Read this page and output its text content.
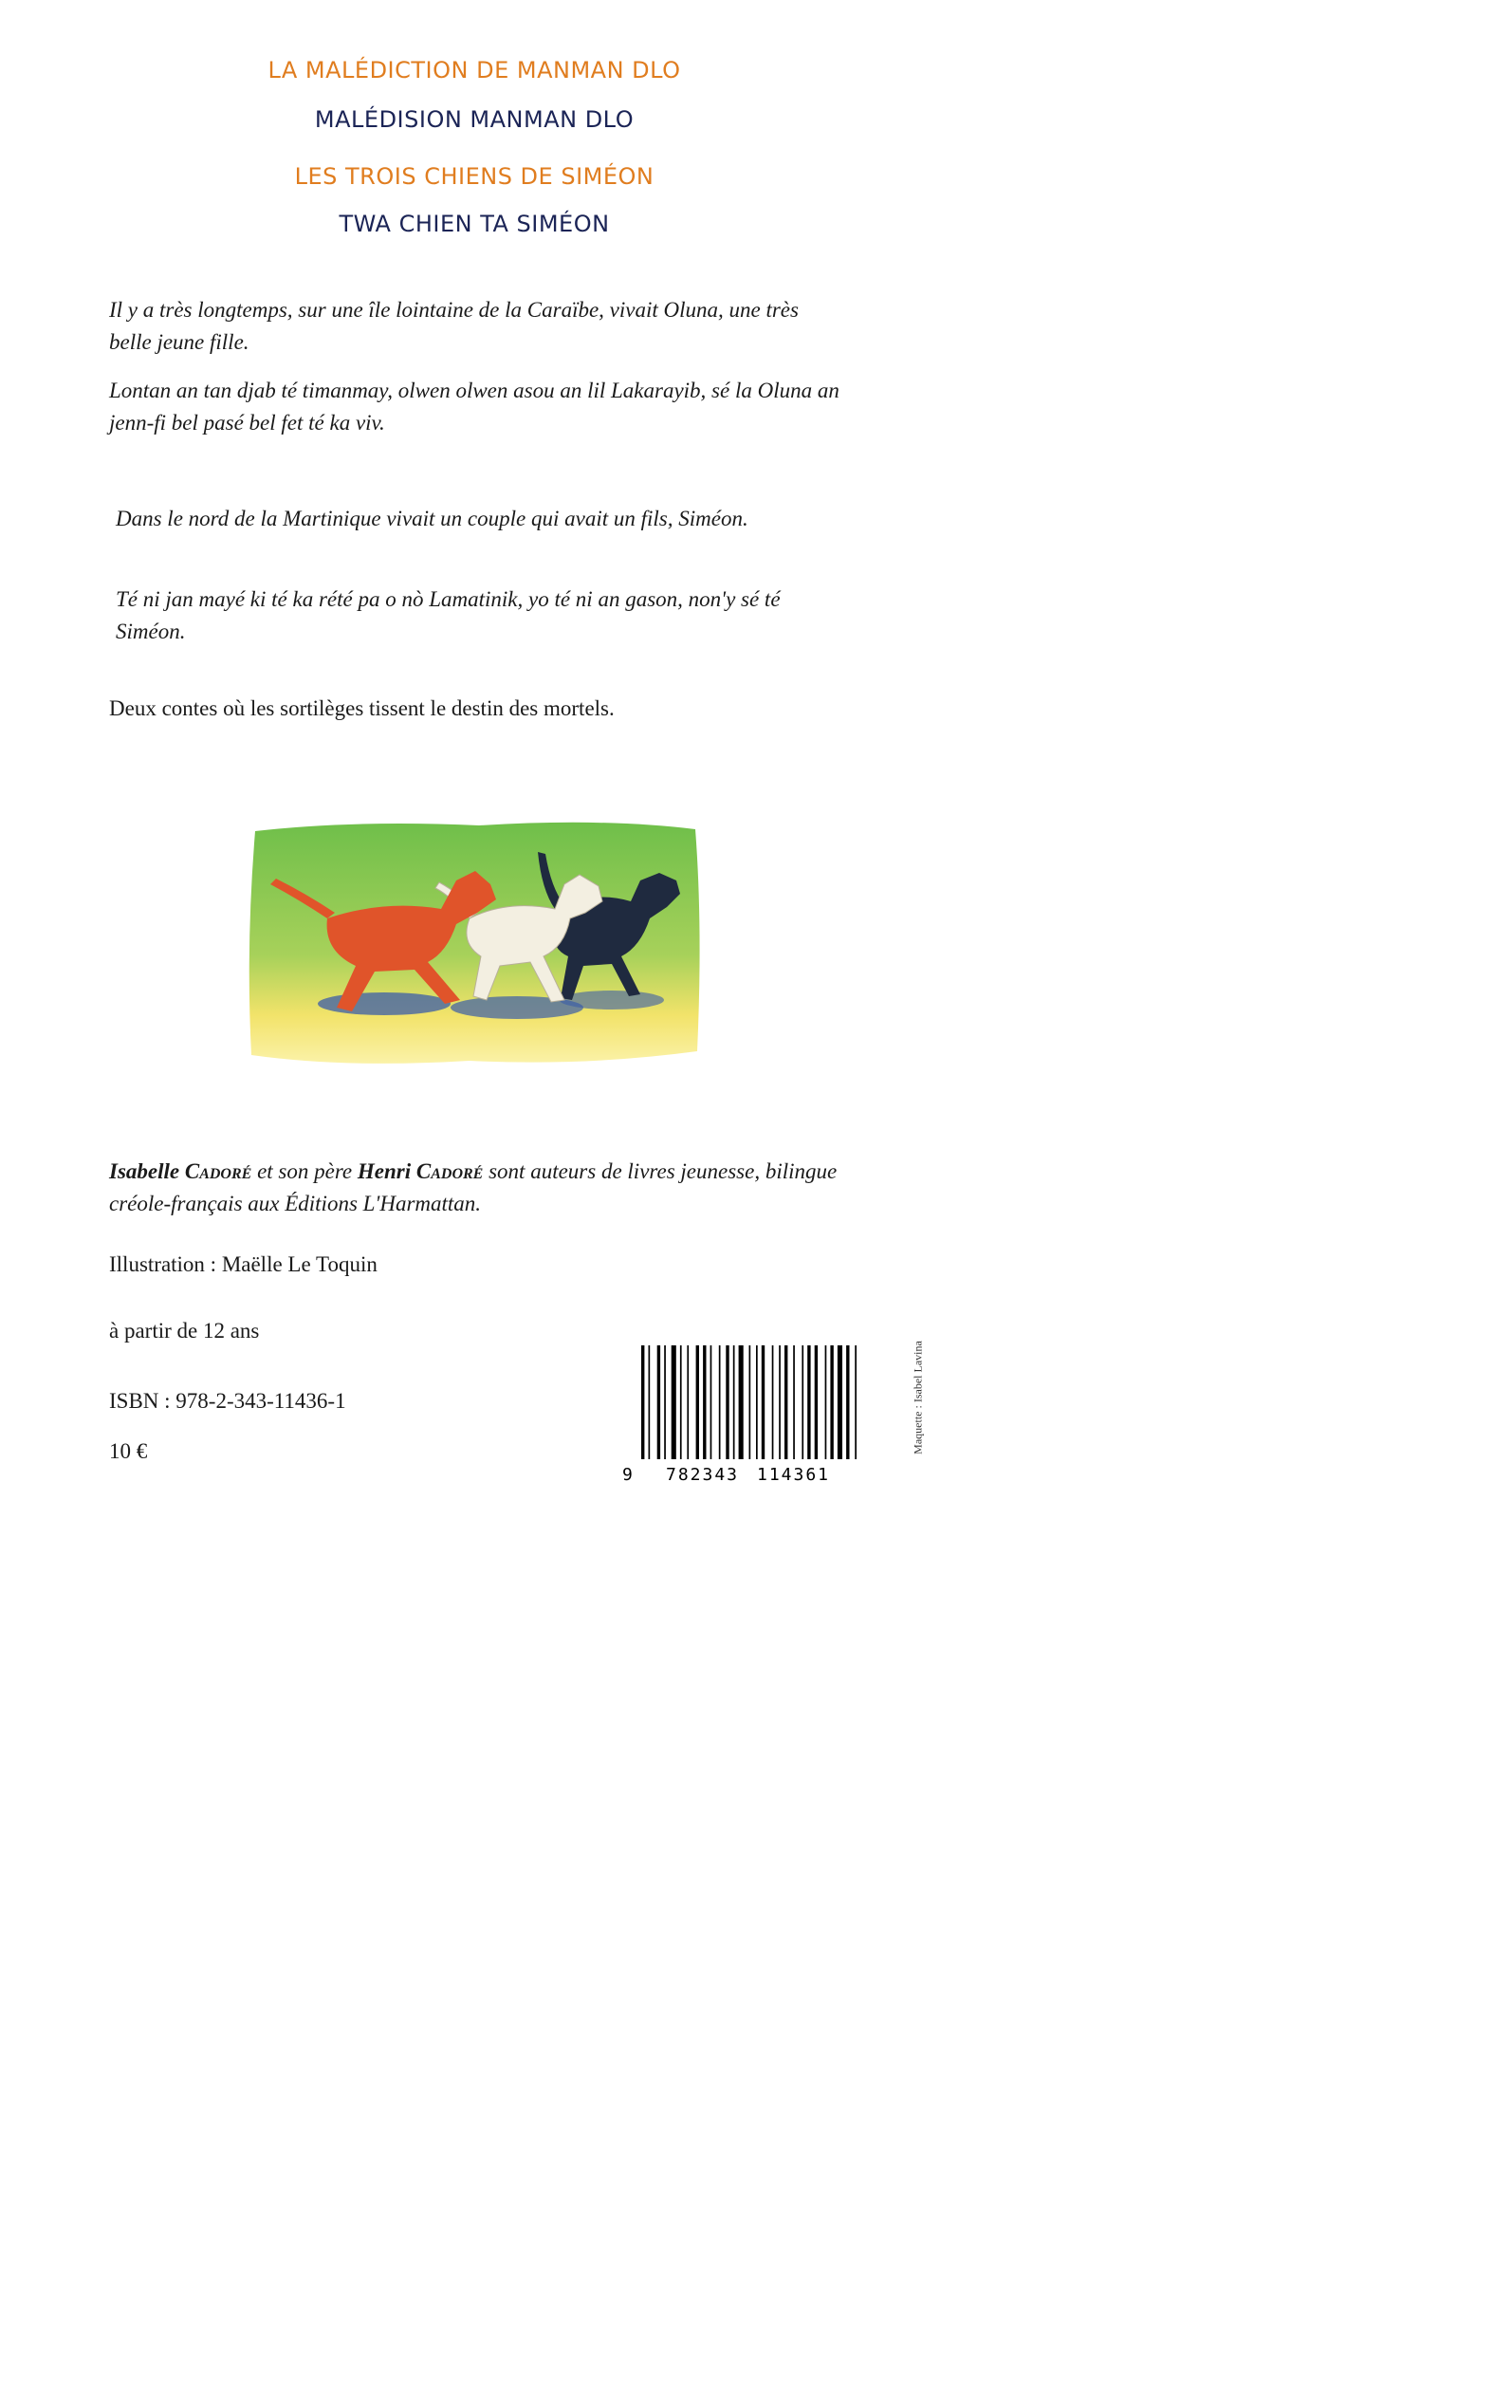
LA MALÉDICTION DE MANMAN DLO
MALÉDISION MANMAN DLO
LES TROIS CHIENS DE SIMÉON
TWA CHIEN TA SIMÉON

Il y a très longtemps, sur une île lointaine de la Caraïbe, vivait Oluna, une très belle jeune fille.

Lontan an tan djab té timanmay, olwen olwen asou an lil Lakarayib, sé la Oluna an jenn-fi bel pasé bel fet té ka viv.

Dans le nord de la Martinique vivait un couple qui avait un fils, Siméon.

Té ni jan mayé ki té ka rété pa o nò Lamatinik, yo té ni an gason, non'y sé té Siméon.

Deux contes où les sortilèges tissent le destin des mortels.

Isabelle Cadoré et son père Henri Cadoré sont auteurs de livres jeunesse, bilingue créole-français aux Éditions L'Harmattan.

Illustration : Maëlle Le Toquin

à partir de 12 ans

ISBN : 978-2-343-11436-1

10 €

9 782343 114361
Maquette : Isabel Lavina
